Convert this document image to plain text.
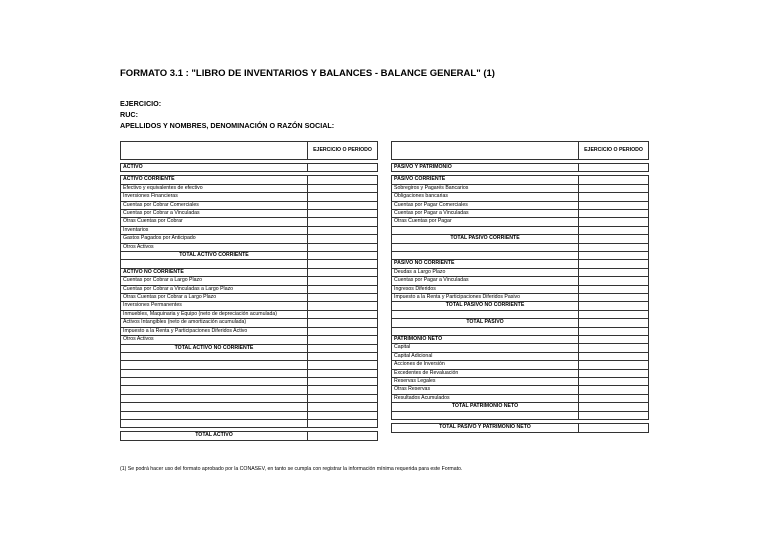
FORMATO 3.1 : "LIBRO DE INVENTARIOS Y BALANCES - BALANCE GENERAL" (1)
EJERCICIO:
RUC:
APELLIDOS Y NOMBRES, DENOMINACIÓN O RAZÓN SOCIAL:
	EJERCICIO O PERIODO

ACTIVO	

ACTIVO CORRIENTE	
Efectivo y equivalentes de efectivo	
Inversiones Financieras	
Cuentas por Cobrar Comerciales	
Cuentas por Cobrar a Vinculadas	
Otras Cuentas por Cobrar	
Inventarios	
Gastos Pagados por Anticipado	
Otros Activos	
TOTAL ACTIVO CORRIENTE	

ACTIVO NO CORRIENTE	
Cuentas por Cobrar a Largo Plazo	
Cuentas por Cobrar a Vinculadas a Largo Plazo	
Otras Cuentas por Cobrar a Largo Plazo	
Inversiones Permanentes	
Inmuebles, Maquinaria y Equipo (neto de depreciación acumulada)	
Activos Intangibles (neto de amortización acumulada)	
Impuesto a la Renta y Participaciones Diferidos Activo	
Otros Activos	
TOTAL ACTIVO NO CORRIENTE	

TOTAL ACTIVO	
	EJERCICIO O PERIODO

PASIVO Y PATRIMONIO	

PASIVO CORRIENTE	
Sobregiros y Pagarés Bancarios	
Obligaciones bancarias	
Cuentas por Pagar Comerciales	
Cuentas por Pagar a Vinculadas	
Otras Cuentas por Pagar	

TOTAL PASIVO CORRIENTE	

PASIVO NO CORRIENTE	
Deudas a Largo Plazo	
Cuentas por Pagar a Vinculadas	
Ingresos Diferidos	
Impuesto a la Renta y Participaciones Diferidos Pasivo	
TOTAL PASIVO NO CORRIENTE	

TOTAL PASIVO	

PATRIMONIO NETO	
Capital	
Capital Adicional	
Acciones de Inversión	
Excedentes de Revaluación	
Reservas Legales	
Otras Reservas	
Resultados Acumulados	
TOTAL PATRIMONIO NETO	

TOTAL PASIVO Y PATRIMONIO NETO	
(1) Se podrá hacer uso del formato aprobado por la CONASEV, en tanto se cumpla con registrar la información mínima requerida para este Formato.
